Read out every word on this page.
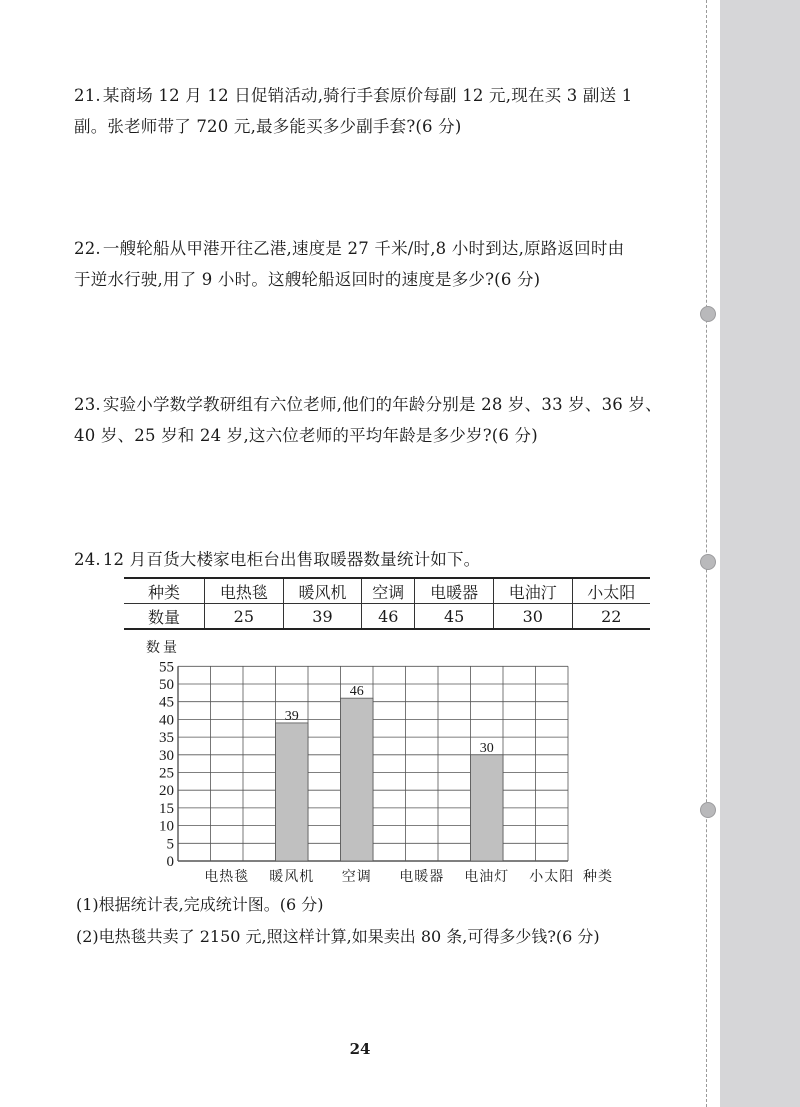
21. 某商场 12 月 12 日促销活动,骑行手套原价每副 12 元,现在买 3 副送 1
副。张老师带了 720 元,最多能买多少副手套?(6 分)
22. 一艘轮船从甲港开往乙港,速度是 27 千米/时,8 小时到达,原路返回时由
于逆水行驶,用了 9 小时。这艘轮船返回时的速度是多少?(6 分)
23. 实验小学数学教研组有六位老师,他们的年龄分别是 28 岁、33 岁、36 岁、
40 岁、25 岁和 24 岁,这六位老师的平均年龄是多少岁?(6 分)
24. 12 月百货大楼家电柜台出售取暖器数量统计如下。
种类	电热毯	暖风机	空调	电暖器	电油汀	小太阳
数量	25	39	46	45	30	22
0
5
10
15
20
25
30
35
40
45
50
55
数量
电热毯
39
暖风机
46
空调 电暖器
30
电油灯 小太阳 种类
(1)根据统计表,完成统计图。(6 分)
(2)电热毯共卖了 2150 元,照这样计算,如果卖出 80 条,可得多少钱?(6 分)
24
